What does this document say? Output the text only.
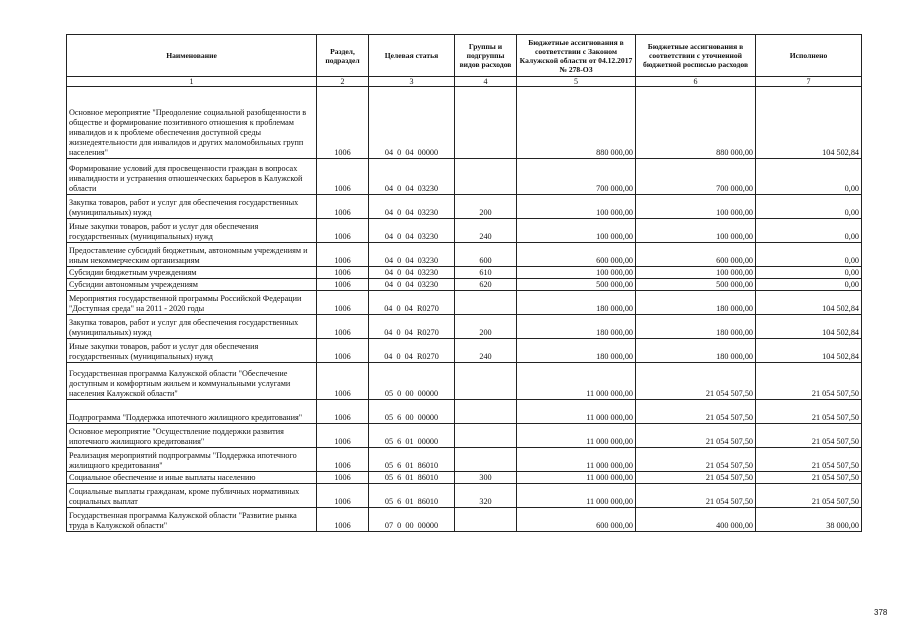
Наименование	Раздел, подраздел	Целевая статья	Группы и подгруппы видов расходов	Бюджетные ассигнования в соответствии с Законом Калужской области от 04.12.2017 № 278-ОЗ	Бюджетные ассигнования в соответствии с уточненной бюджетной росписью расходов	Исполнено
1	2	3	4	5	6	7
Основное мероприятие "Преодоление социальной разобщенности в обществе и формирование позитивного отношения к проблемам инвалидов и к проблеме обеспечения доступной среды жизнедеятельности для инвалидов и других маломобильных групп населения"	1006	04  0  04  00000		880 000,00	880 000,00	104 502,84
Формирование условий для просвещенности граждан в вопросах инвалидности и устранения отношенческих барьеров в Калужской области	1006	04  0  04  03230		700 000,00	700 000,00	0,00
Закупка товаров, работ и услуг для обеспечения государственных (муниципальных) нужд	1006	04  0  04  03230	200	100 000,00	100 000,00	0,00
Иные закупки товаров, работ и услуг для обеспечения государственных (муниципальных) нужд	1006	04  0  04  03230	240	100 000,00	100 000,00	0,00
Предоставление субсидий бюджетным, автономным учреждениям и иным некоммерческим организациям	1006	04  0  04  03230	600	600 000,00	600 000,00	0,00
Субсидии бюджетным учреждениям	1006	04  0  04  03230	610	100 000,00	100 000,00	0,00
Субсидии автономным учреждениям	1006	04  0  04  03230	620	500 000,00	500 000,00	0,00
Мероприятия государственной программы Российской Федерации "Доступная среда" на 2011 - 2020 годы	1006	04  0  04  R0270		180 000,00	180 000,00	104 502,84
Закупка товаров, работ и услуг для обеспечения государственных (муниципальных) нужд	1006	04  0  04  R0270	200	180 000,00	180 000,00	104 502,84
Иные закупки товаров, работ и услуг для обеспечения государственных (муниципальных) нужд	1006	04  0  04  R0270	240	180 000,00	180 000,00	104 502,84
Государственная программа Калужской области "Обеспечение доступным и комфортным жильем и коммунальными услугами населения Калужской области"	1006	05  0  00  00000		11 000 000,00	21 054 507,50	21 054 507,50
Подпрограмма "Поддержка ипотечного жилищного кредитования"	1006	05  6  00  00000		11 000 000,00	21 054 507,50	21 054 507,50
Основное мероприятие "Осуществление поддержки развития ипотечного жилищного кредитования"	1006	05  6  01  00000		11 000 000,00	21 054 507,50	21 054 507,50
Реализация мероприятий подпрограммы "Поддержка ипотечного жилищного кредитования"	1006	05  6  01  86010		11 000 000,00	21 054 507,50	21 054 507,50
Социальное обеспечение и иные выплаты населению	1006	05  6  01  86010	300	11 000 000,00	21 054 507,50	21 054 507,50
Социальные выплаты гражданам, кроме публичных нормативных социальных выплат	1006	05  6  01  86010	320	11 000 000,00	21 054 507,50	21 054 507,50
Государственная программа Калужской области "Развитие рынка труда в Калужской области"	1006	07  0  00  00000		600 000,00	400 000,00	38 000,00
378
